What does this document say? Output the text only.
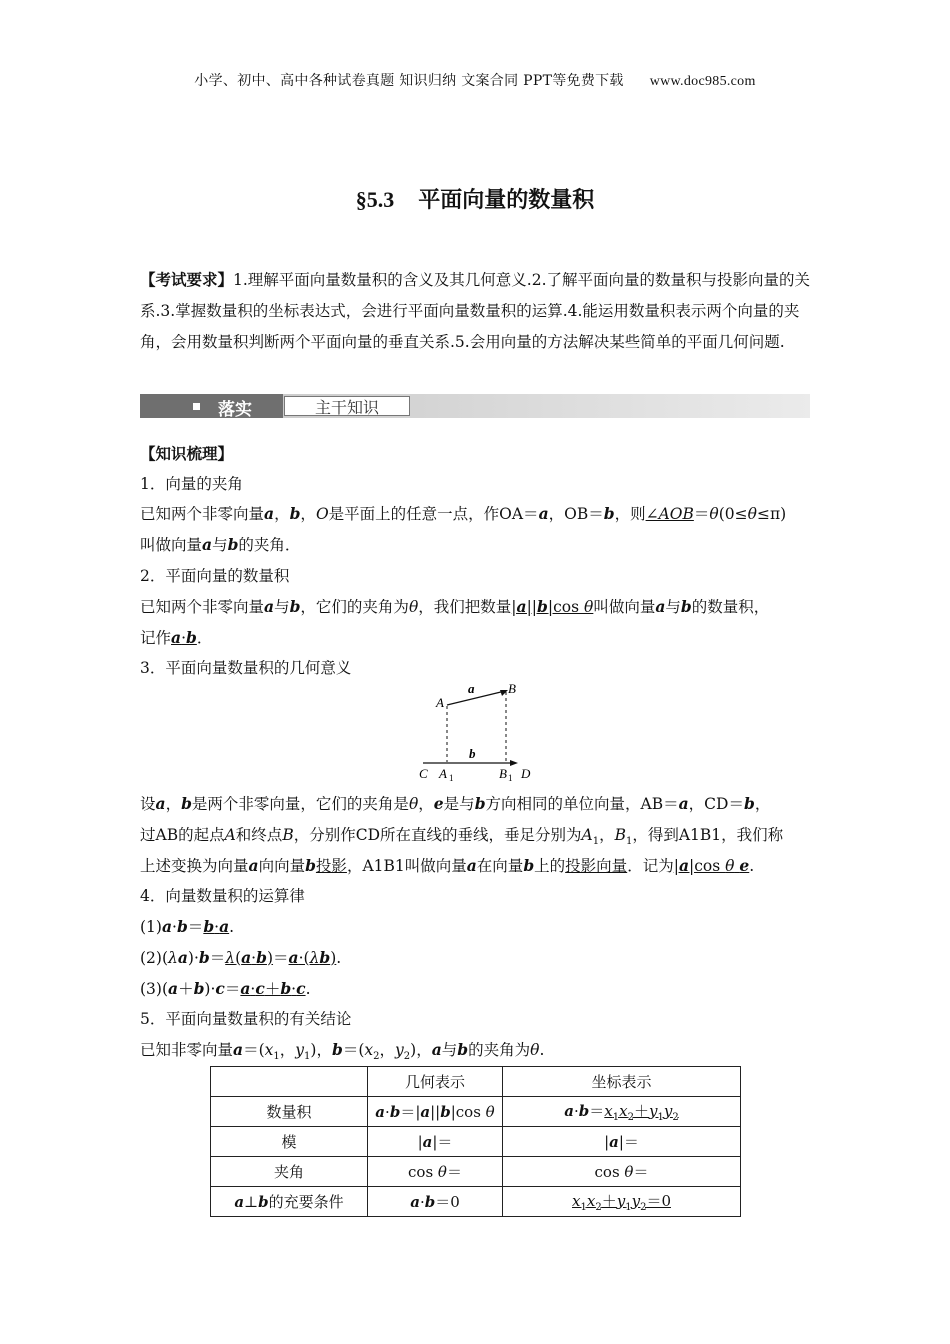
小学、初中、高中各种试卷真题 知识归纳 文案合同 PPT等免费下载 www.doc985.com
§5.3 平面向量的数量积
【考试要求】1.理解平面向量数量积的含义及其几何意义.2.了解平面向量的数量积与投影向量的关系.3.掌握数量积的坐标表达式，会进行平面向量数量积的运算.4.能运用数量积表示两个向量的夹角，会用数量积判断两个平面向量的垂直关系.5.会用向量的方法解决某些简单的平面几何问题.
落实	主干知识
【知识梳理】
1．向量的夹角
已知两个非零向量a，b，O是平面上的任意一点，作OA＝a，OB＝b，则∠AOB＝θ(0≤θ≤π)
叫做向量a与b的夹角．
2．平面向量的数量积
已知两个非零向量a与b，它们的夹角为θ，我们把数量|a||b|cos θ叫做向量a与b的数量积，
记作a·b．
3．平面向量数量积的几何意义
A
B
a
b
C A 1	B 1 D
设a，b是两个非零向量，它们的夹角是θ，e是与b方向相同的单位向量，AB＝a，CD＝b，
过AB的起点A和终点B，分别作CD所在直线的垂线，垂足分别为$A_1$，$B_1$，得到A1B1，我们称
上述变换为向量a向向量b投影，A1B1叫做向量a在向量b上的投影向量．记为|a|cos θ e.
4．向量数量积的运算律
(1)a·b＝b·a.
(2)(λa)·b＝λ(a·b)＝a·(λb).
(3)(a＋b)·c＝a·c＋b·c.
5．平面向量数量积的有关结论
已知非零向量$a=(x_1$，$y_1$)，$b=(x_2$，$y_2$)，a与b的夹角为θ.
	几何表示	坐标表示
数量积	a·b＝|a||b|cos θ	$a\cdot b=x_1x_2+y_1y_2$
模	|a|＝	|a|＝
夹角	cos θ＝	cos θ＝
a⊥b的充要条件	a·b＝0	$x_1x_2+y_1y_2=0$
